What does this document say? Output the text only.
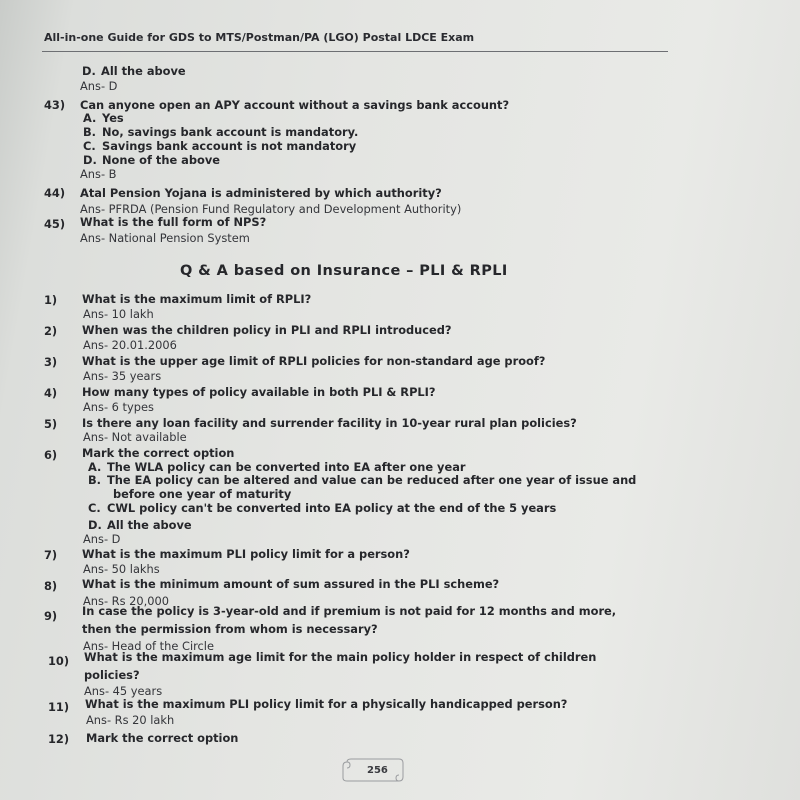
All-in-one Guide for GDS to MTS/Postman/PA (LGO) Postal LDCE Exam
D. All the above
Ans- D
43) Can anyone open an APY account without a savings bank account?
A. Yes
B. No, savings bank account is mandatory.
C. Savings bank account is not mandatory
D. None of the above
Ans- B
44) Atal Pension Yojana is administered by which authority?
Ans- PFRDA (Pension Fund Regulatory and Development Authority)
45) What is the full form of NPS?
Ans- National Pension System
Q & A based on Insurance – PLI & RPLI
1) What is the maximum limit of RPLI?
Ans- 10 lakh
2) When was the children policy in PLI and RPLI introduced?
Ans- 20.01.2006
3) What is the upper age limit of RPLI policies for non-standard age proof?
Ans- 35 years
4) How many types of policy available in both PLI & RPLI?
Ans- 6 types
5) Is there any loan facility and surrender facility in 10-year rural plan policies?
Ans- Not available
6) Mark the correct option
A. The WLA policy can be converted into EA after one year
B. The EA policy can be altered and value can be reduced after one year of issue and
before one year of maturity
C. CWL policy can't be converted into EA policy at the end of the 5 years
D. All the above
Ans- D
7) What is the maximum PLI policy limit for a person?
Ans- 50 lakhs
8) What is the minimum amount of sum assured in the PLI scheme?
Ans- Rs 20,000
9) In case the policy is 3-year-old and if premium is not paid for 12 months and more,
then the permission from whom is necessary?
Ans- Head of the Circle
10) What is the maximum age limit for the main policy holder in respect of children
policies?
Ans- 45 years
11) What is the maximum PLI policy limit for a physically handicapped person?
Ans- Rs 20 lakh
12) Mark the correct option
256
